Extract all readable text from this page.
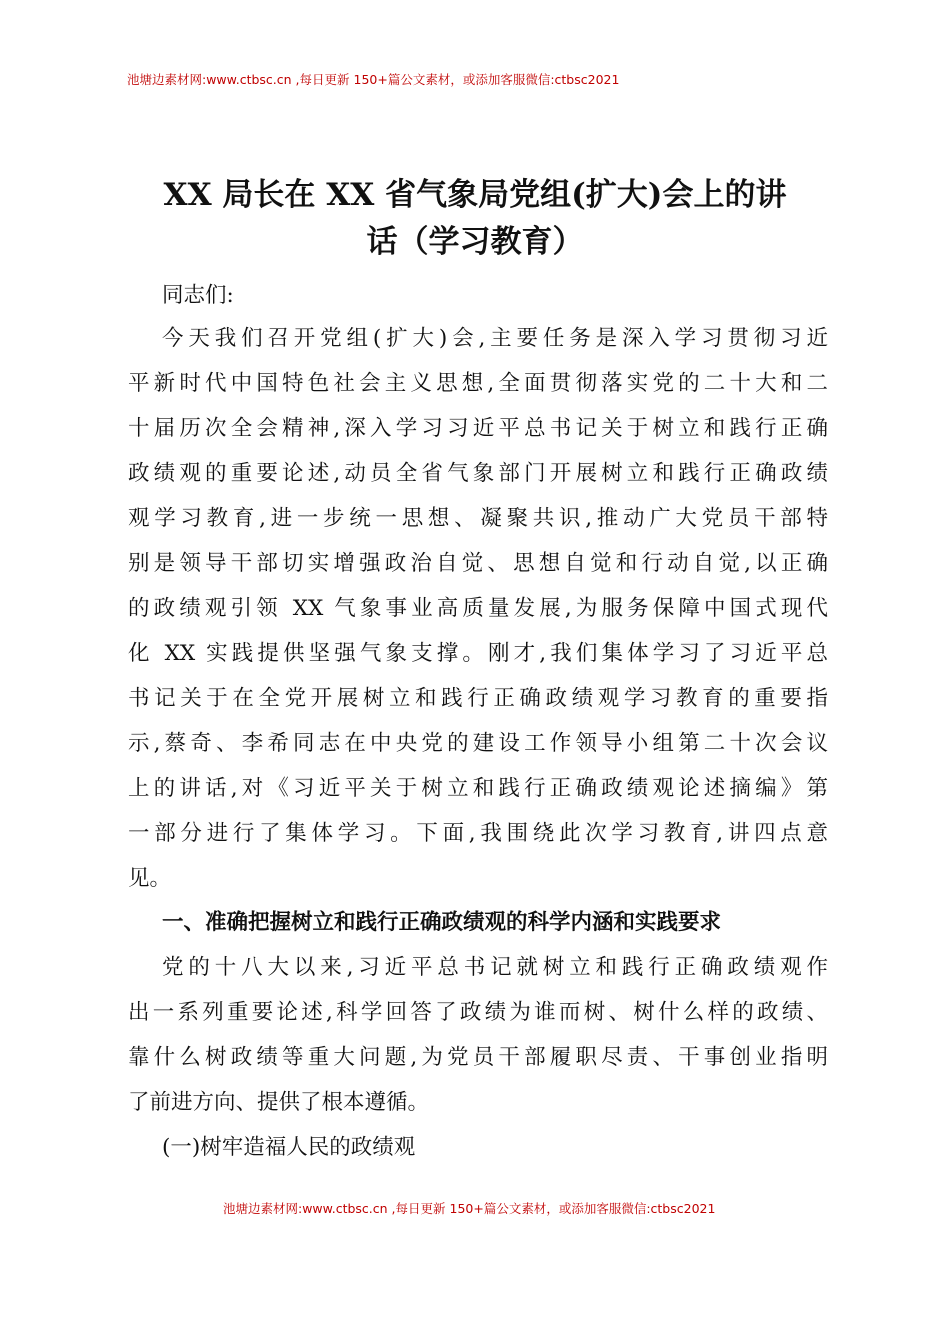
池塘边素材网:www.ctbsc.cn ,每日更新 150+篇公文素材，或添加客服微信:ctbsc2021
XX 局长在 XX 省气象局党组(扩大)会上的讲
话（学习教育）
同志们:
今天我们召开党组(扩大)会,主要任务是深入学习贯彻习近
平新时代中国特色社会主义思想,全面贯彻落实党的二十大和二
十届历次全会精神,深入学习习近平总书记关于树立和践行正确
政绩观的重要论述,动员全省气象部门开展树立和践行正确政绩
观学习教育,进一步统一思想、凝聚共识,推动广大党员干部特
别是领导干部切实增强政治自觉、思想自觉和行动自觉,以正确
的政绩观引领 XX 气象事业高质量发展,为服务保障中国式现代
化 XX 实践提供坚强气象支撑。刚才,我们集体学习了习近平总
书记关于在全党开展树立和践行正确政绩观学习教育的重要指
示,蔡奇、李希同志在中央党的建设工作领导小组第二十次会议
上的讲话,对《习近平关于树立和践行正确政绩观论述摘编》第
一部分进行了集体学习。下面,我围绕此次学习教育,讲四点意
见。
一、准确把握树立和践行正确政绩观的科学内涵和实践要求
党的十八大以来,习近平总书记就树立和践行正确政绩观作
出一系列重要论述,科学回答了政绩为谁而树、树什么样的政绩、
靠什么树政绩等重大问题,为党员干部履职尽责、干事创业指明
了前进方向、提供了根本遵循。
(一)树牢造福人民的政绩观
池塘边素材网:www.ctbsc.cn ,每日更新 150+篇公文素材，或添加客服微信:ctbsc2021
